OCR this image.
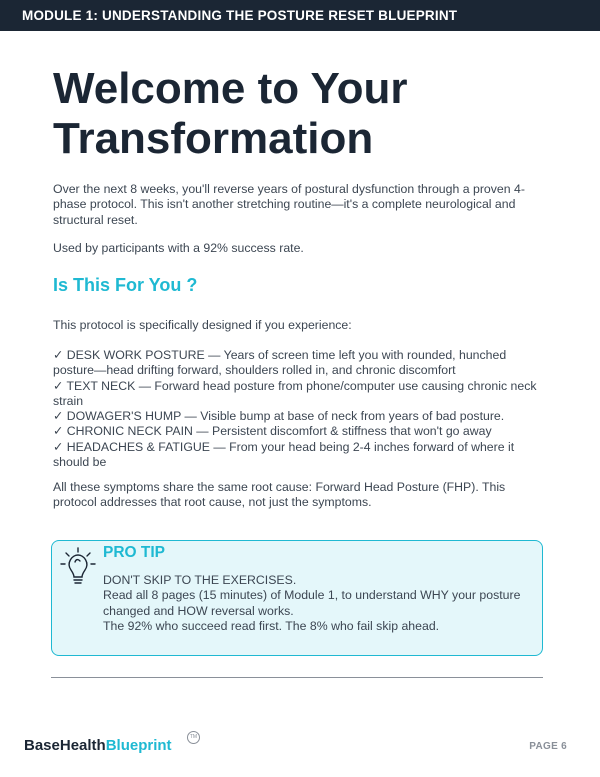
MODULE 1: UNDERSTANDING THE POSTURE RESET BLUEPRINT
Welcome to Your
Transformation

Over the next 8 weeks, you'll reverse years of postural dysfunction through a proven 4-phase protocol. This isn't another stretching routine—it's a complete neurological and structural reset.

Used by participants with a 92% success rate.

Is This For You ?

This protocol is specifically designed if you experience:

✓ DESK WORK POSTURE — Years of screen time left you with rounded, hunched posture—head drifting forward, shoulders rolled in, and chronic discomfort
✓ TEXT NECK — Forward head posture from phone/computer use causing chronic neck strain
✓ DOWAGER'S HUMP — Visible bump at base of neck from years of bad posture.
✓ CHRONIC NECK PAIN — Persistent discomfort & stiffness that won't go away
✓ HEADACHES & FATIGUE — From your head being 2-4 inches forward of where it should be

All these symptoms share the same root cause: Forward Head Posture (FHP). This protocol addresses that root cause, not just the symptoms.

PRO TIP
DON'T SKIP TO THE EXERCISES.
Read all 8 pages (15 minutes) of Module 1, to understand WHY your posture changed and HOW reversal works.
The 92% who succeed read first. The 8% who fail skip ahead.
BaseHealthBlueprint	TM
PAGE 6
